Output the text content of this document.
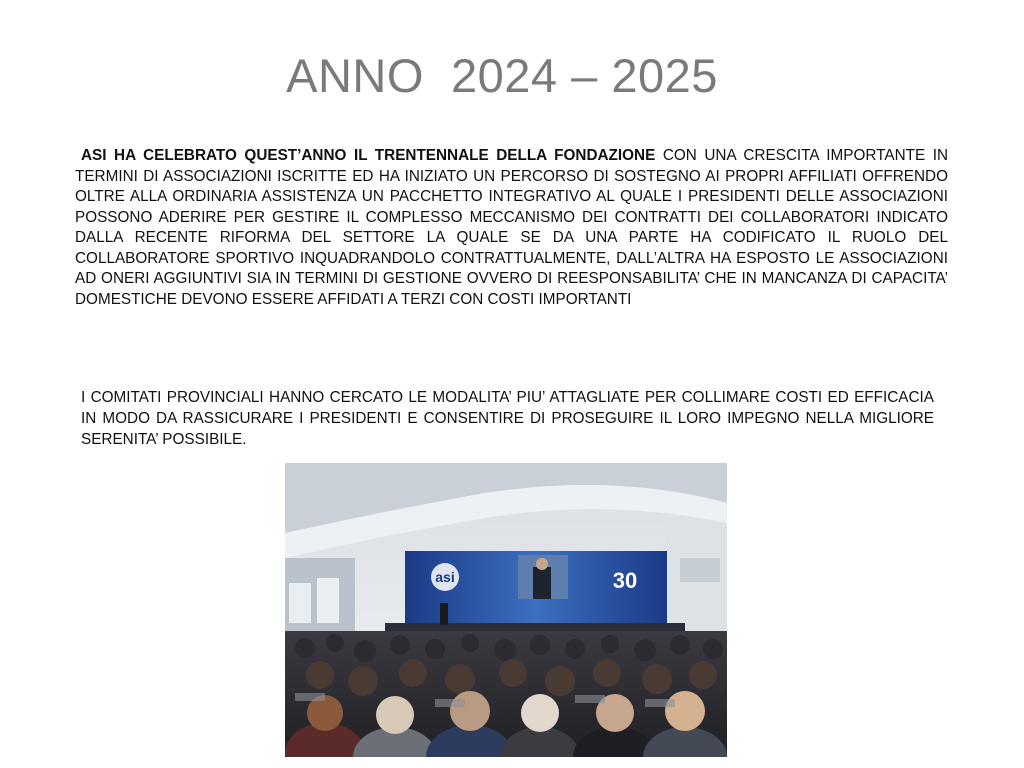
ANNO  2024 – 2025
ASI HA CELEBRATO QUEST’ANNO IL TRENTENNALE DELLA FONDAZIONE CON UNA CRESCITA IMPORTANTE IN TERMINI DI ASSOCIAZIONI ISCRITTE ED HA INIZIATO UN PERCORSO DI SOSTEGNO AI PROPRI AFFILIATI OFFRENDO OLTRE ALLA ORDINARIA ASSISTENZA UN PACCHETTO INTEGRATIVO AL QUALE I PRESIDENTI DELLE ASSOCIAZIONI POSSONO ADERIRE PER GESTIRE IL COMPLESSO MECCANISMO DEI CONTRATTI DEI COLLABORATORI INDICATO DALLA RECENTE RIFORMA DEL SETTORE LA QUALE SE DA UNA PARTE HA CODIFICATO IL RUOLO DEL COLLABORATORE SPORTIVO INQUADRANDOLO CONTRATTUALMENTE, DALL’ALTRA HA ESPOSTO LE ASSOCIAZIONI AD ONERI AGGIUNTIVI SIA IN TERMINI DI GESTIONE OVVERO DI REESPONSABILITA’ CHE IN MANCANZA DI CAPACITA’ DOMESTICHE DEVONO ESSERE AFFIDATI A TERZI CON COSTI IMPORTANTI
I COMITATI PROVINCIALI HANNO CERCATO LE MODALITA’ PIU’ ATTAGLIATE PER COLLIMARE COSTI ED EFFICACIA IN MODO DA RASSICURARE I PRESIDENTI E CONSENTIRE DI PROSEGUIRE IL LORO IMPEGNO NELLA MIGLIORE SERENITA’ POSSIBILE.
asi	30
